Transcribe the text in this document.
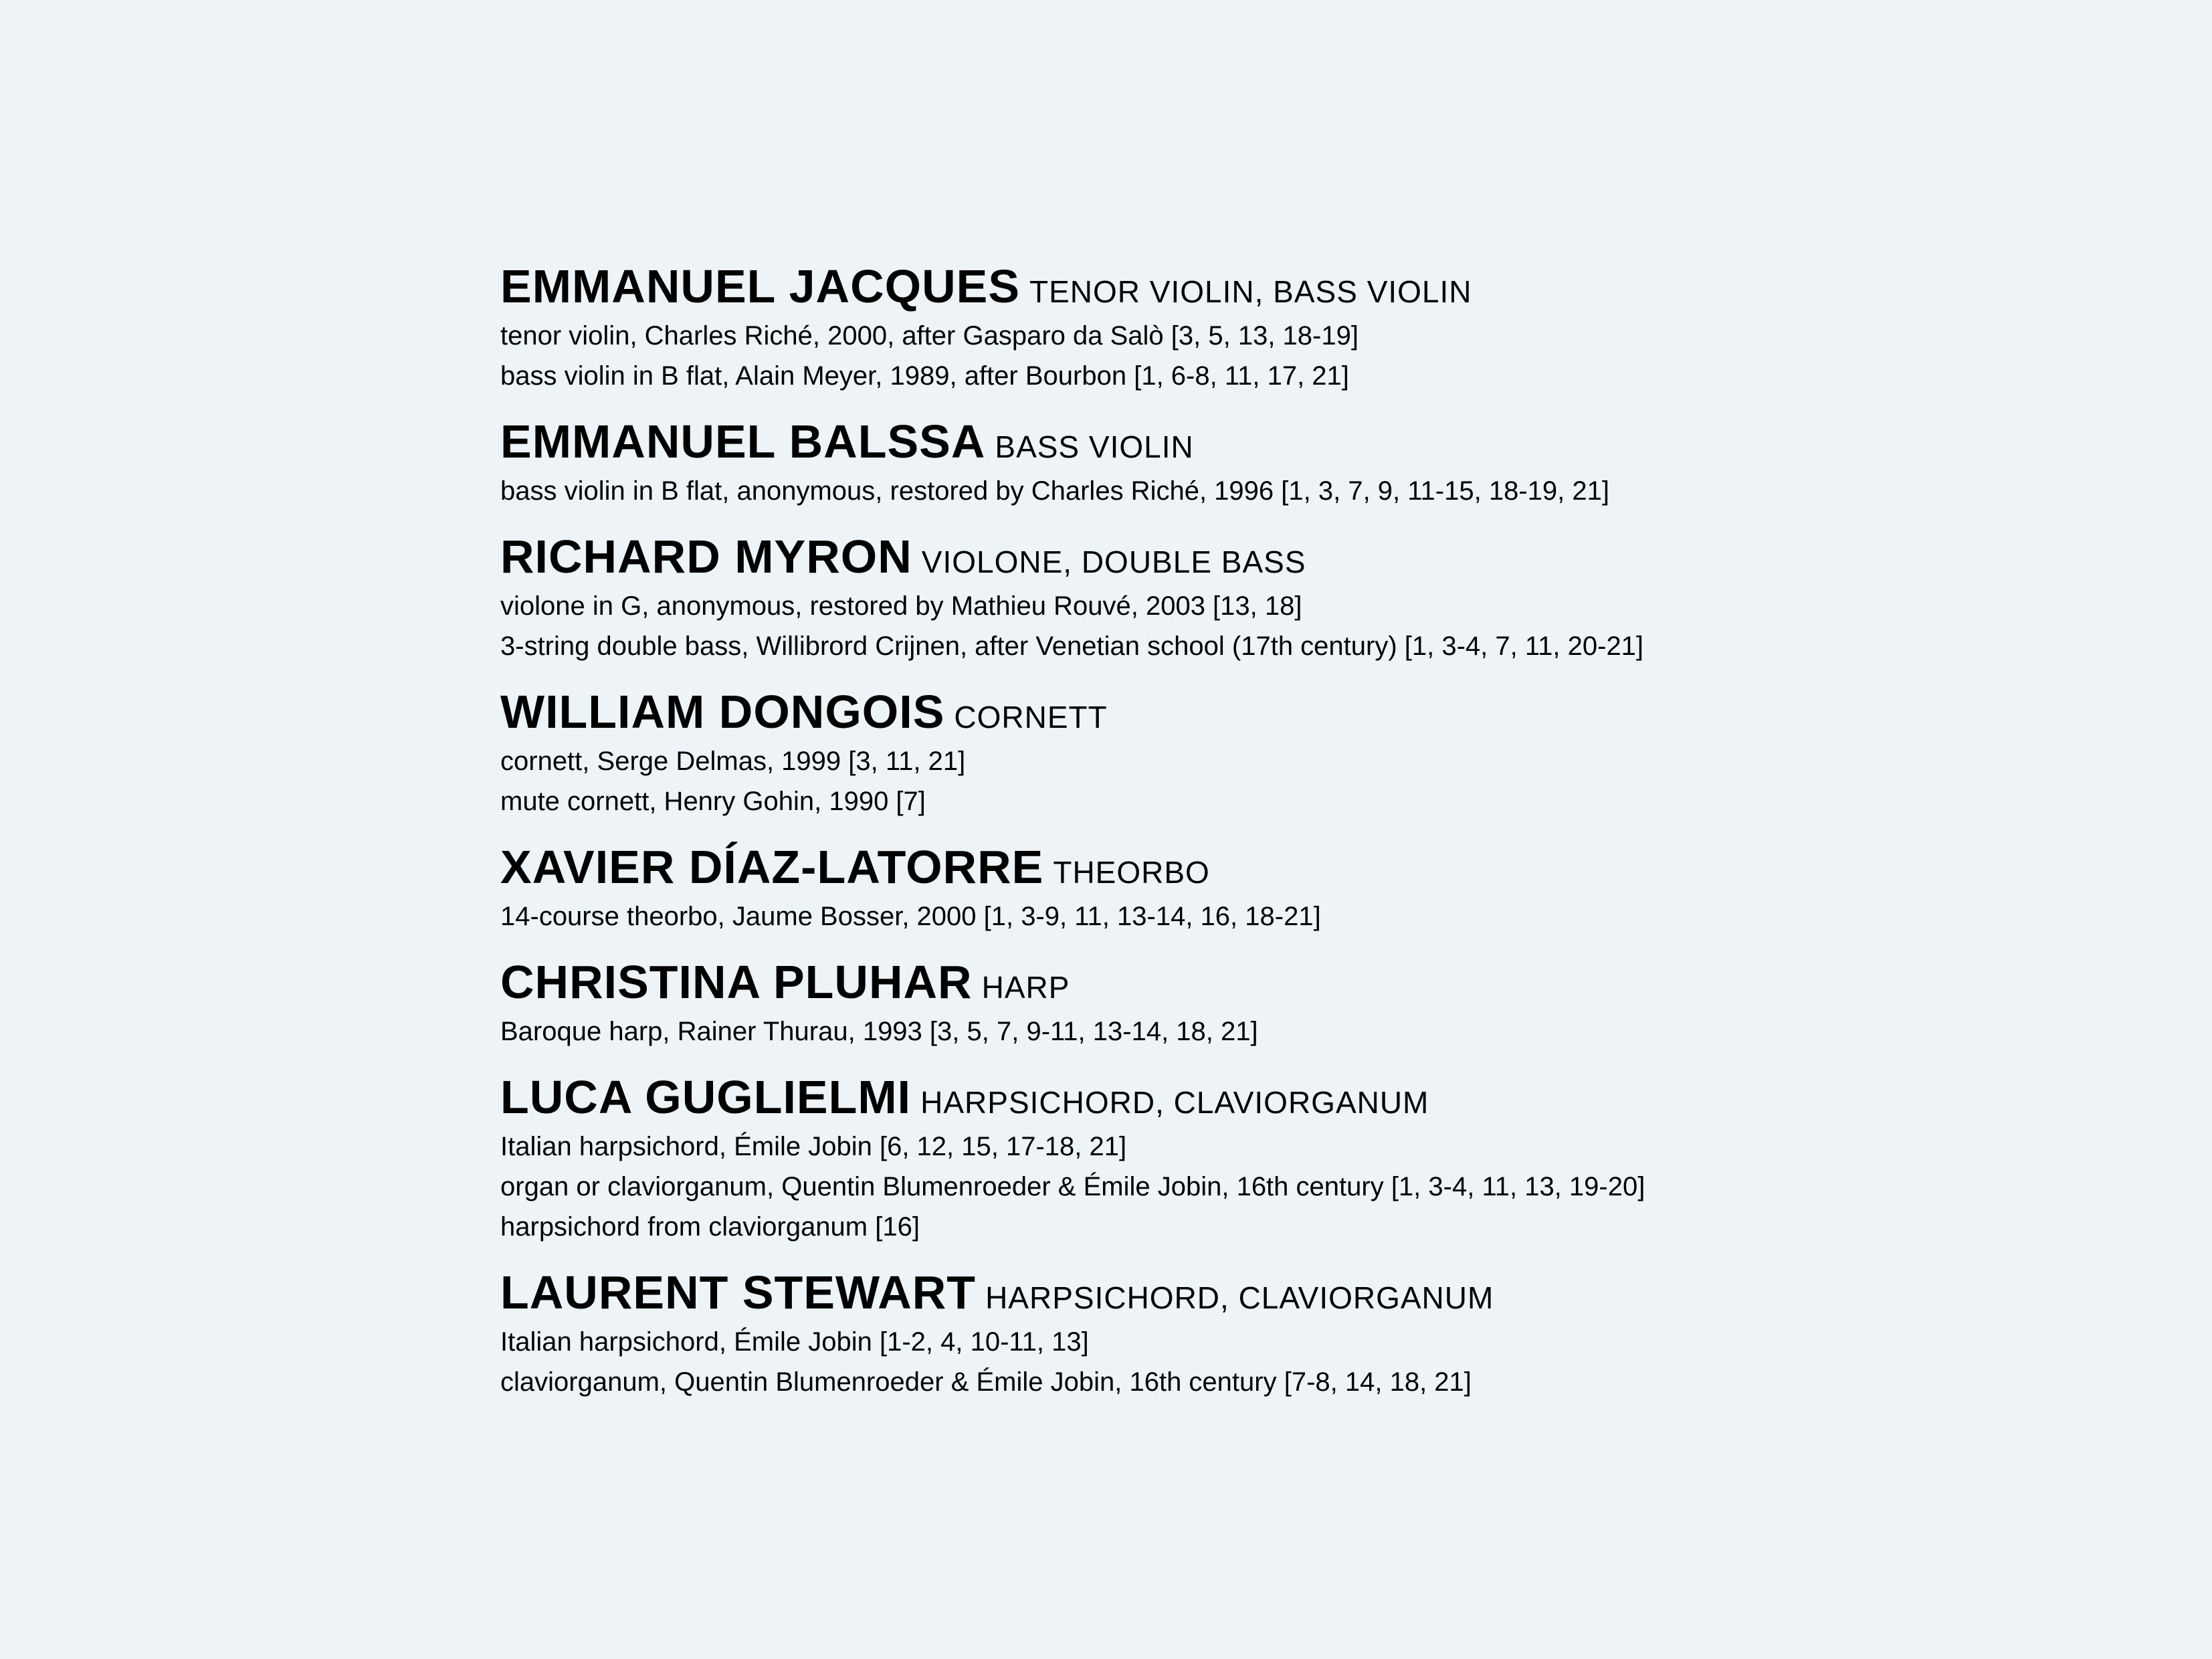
EMMANUEL JACQUES TENOR VIOLIN, BASS VIOLIN
tenor violin, Charles Riché, 2000, after Gasparo da Salò [3, 5, 13, 18-19]
bass violin in B flat, Alain Meyer, 1989, after Bourbon [1, 6-8, 11, 17, 21]
EMMANUEL BALSSA BASS VIOLIN
bass violin in B flat, anonymous, restored by Charles Riché, 1996 [1, 3, 7, 9, 11-15, 18-19, 21]
RICHARD MYRON VIOLONE, DOUBLE BASS
violone in G, anonymous, restored by Mathieu Rouvé, 2003 [13, 18]
3-string double bass, Willibrord Crijnen, after Venetian school (17th century) [1, 3-4, 7, 11, 20-21]
WILLIAM DONGOIS CORNETT
cornett, Serge Delmas, 1999 [3, 11, 21]
mute cornett, Henry Gohin, 1990 [7]
XAVIER DÍAZ-LATORRE THEORBO
14-course theorbo, Jaume Bosser, 2000 [1, 3-9, 11, 13-14, 16, 18-21]
CHRISTINA PLUHAR HARP
Baroque harp, Rainer Thurau, 1993 [3, 5, 7, 9-11, 13-14, 18, 21]
LUCA GUGLIELMI HARPSICHORD, CLAVIORGANUM
Italian harpsichord, Émile Jobin [6, 12, 15, 17-18, 21]
organ or claviorganum, Quentin Blumenroeder & Émile Jobin, 16th century [1, 3-4, 11, 13, 19-20]
harpsichord from claviorganum [16]
LAURENT STEWART HARPSICHORD, CLAVIORGANUM
Italian harpsichord, Émile Jobin [1-2, 4, 10-11, 13]
claviorganum, Quentin Blumenroeder & Émile Jobin, 16th century [7-8, 14, 18, 21]
